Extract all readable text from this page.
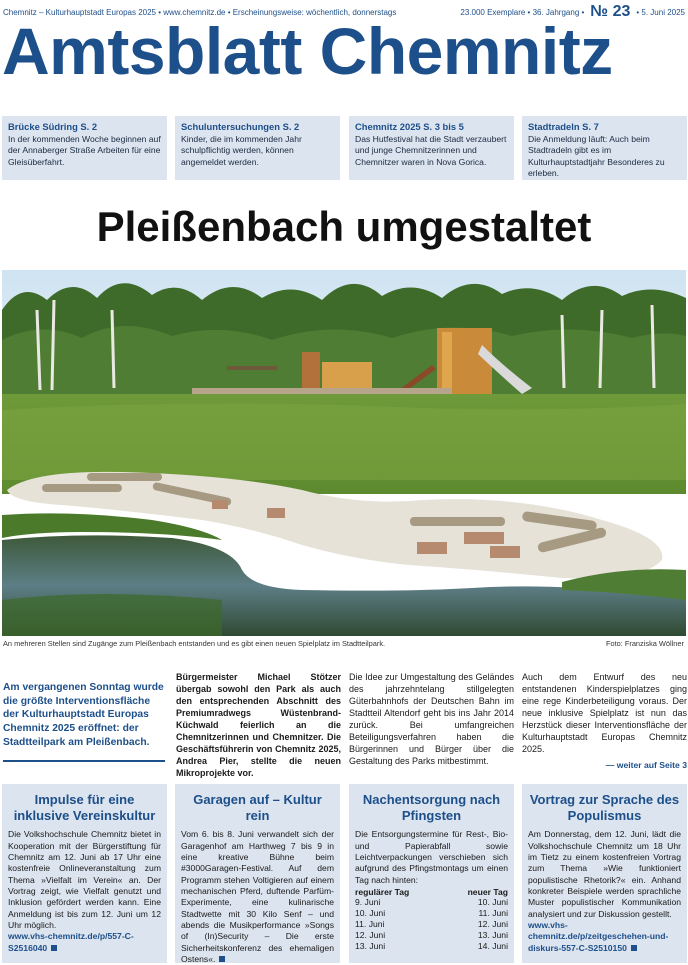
Chemnitz – Kulturhauptstadt Europas 2025 • www.chemnitz.de • Erscheinungsweise: wöchentlich, donnerstags	23.000 Exemplare • 36. Jahrgang • № 23 • 5. Juni 2025
Amtsblatt Chemnitz
Brücke Südring S. 2
In der kommenden Woche beginnen auf der Annaberger Straße Arbeiten für eine Gleisüberfahrt.
Schuluntersuchungen S. 2
Kinder, die im kommenden Jahr schulpflichtig werden, können angemeldet werden.
Chemnitz 2025 S. 3 bis 5
Das Hutfestival hat die Stadt verzaubert und junge Chemnitzerinnen und Chemnitzer waren in Nova Gorica.
Stadtradeln S. 7
Die Anmeldung läuft: Auch beim Stadtradeln gibt es im Kulturhauptstadtjahr Besonderes zu erleben.
Pleißenbach umgestaltet
An mehreren Stellen sind Zugänge zum Pleißenbach entstanden und es gibt einen neuen Spielplatz im Stadtteilpark.	Foto: Franziska Wöllner
Am vergangenen Sonntag wurde die größte Interventionsfläche der Kulturhauptstadt Europas Chemnitz 2025 eröffnet: der Stadtteilpark am Pleißenbach.
Bürgermeister Michael Stötzer übergab sowohl den Park als auch den entsprechenden Abschnitt des Premiumradwegs Wüstenbrand-Küchwald feierlich an die Chemnitzerinnen und Chemnitzer. Die Geschäftsführerin von Chemnitz 2025, Andrea Pier, stellte die neuen Mikroprojekte vor.
Die Idee zur Umgestaltung des Geländes des jahrzehntelang stillgelegten Güterbahnhofs der Deutschen Bahn im Stadtteil Altendorf geht bis ins Jahr 2014 zurück. Bei umfangreichen Beteiligungsverfahren haben die Bürgerinnen und Bürger über die Gestaltung des Parks mitbestimmt.
Auch dem Entwurf des neu entstandenen Kinderspielplatzes ging eine rege Kinderbeteiligung voraus. Der neue inklusive Spielplatz ist nun das Herzstück dieser Interventionsfläche der Kulturhauptstadt Europas Chemnitz 2025.
— weiter auf Seite 3
Impulse für eine inklusive Vereinskultur
Die Volkshochschule Chemnitz bietet in Kooperation mit der Bürgerstiftung für Chemnitz am 12. Juni ab 17 Uhr eine kostenfreie Onlineveranstaltung zum Thema »Vielfalt im Verein« an. Der Vortrag zeigt, wie Vielfalt genutzt und Inklusion gefördert werden kann. Eine Anmeldung ist bis zum 12. Juni um 12 Uhr möglich.
www.vhs-chemnitz.de/p/557-C-S2516040
Garagen auf – Kultur rein
Vom 6. bis 8. Juni verwandelt sich der Garagenhof am Harthweg 7 bis 9 in eine kreative Bühne beim #3000Garagen-Festival. Auf dem Programm stehen Voltigieren auf einem mechanischen Pferd, duftende Parfüm-Experimente, eine kulinarische Stadtwette mit 30 Kilo Senf – und abends die Musikperformance »Songs of (In)Security – Die erste Sicherheitskonferenz des ehemaligen Ostens«.
Nachentsorgung nach Pfingsten
Die Entsorgungstermine für Rest-, Bio- und Papierabfall sowie Leichtverpackungen verschieben sich aufgrund des Pfingstmontags um einen Tag nach hinten:
regulärer Tag	neuer Tag
9. Juni	10. Juni
10. Juni	11. Juni
11. Juni	12. Juni
12. Juni	13. Juni
13. Juni	14. Juni
Vortrag zur Sprache des Populismus
Am Donnerstag, dem 12. Juni, lädt die Volkshochschule Chemnitz um 18 Uhr im Tietz zu einem kostenfreien Vortrag zum Thema »Wie funktioniert populistische Rhetorik?« ein. Anhand konkreter Beispiele werden sprachliche Muster populistischer Kommunikation analysiert und zur Diskussion gestellt.
www.vhs-chemnitz.de/p/zeitgeschehen-und-diskurs-557-C-S2510150
